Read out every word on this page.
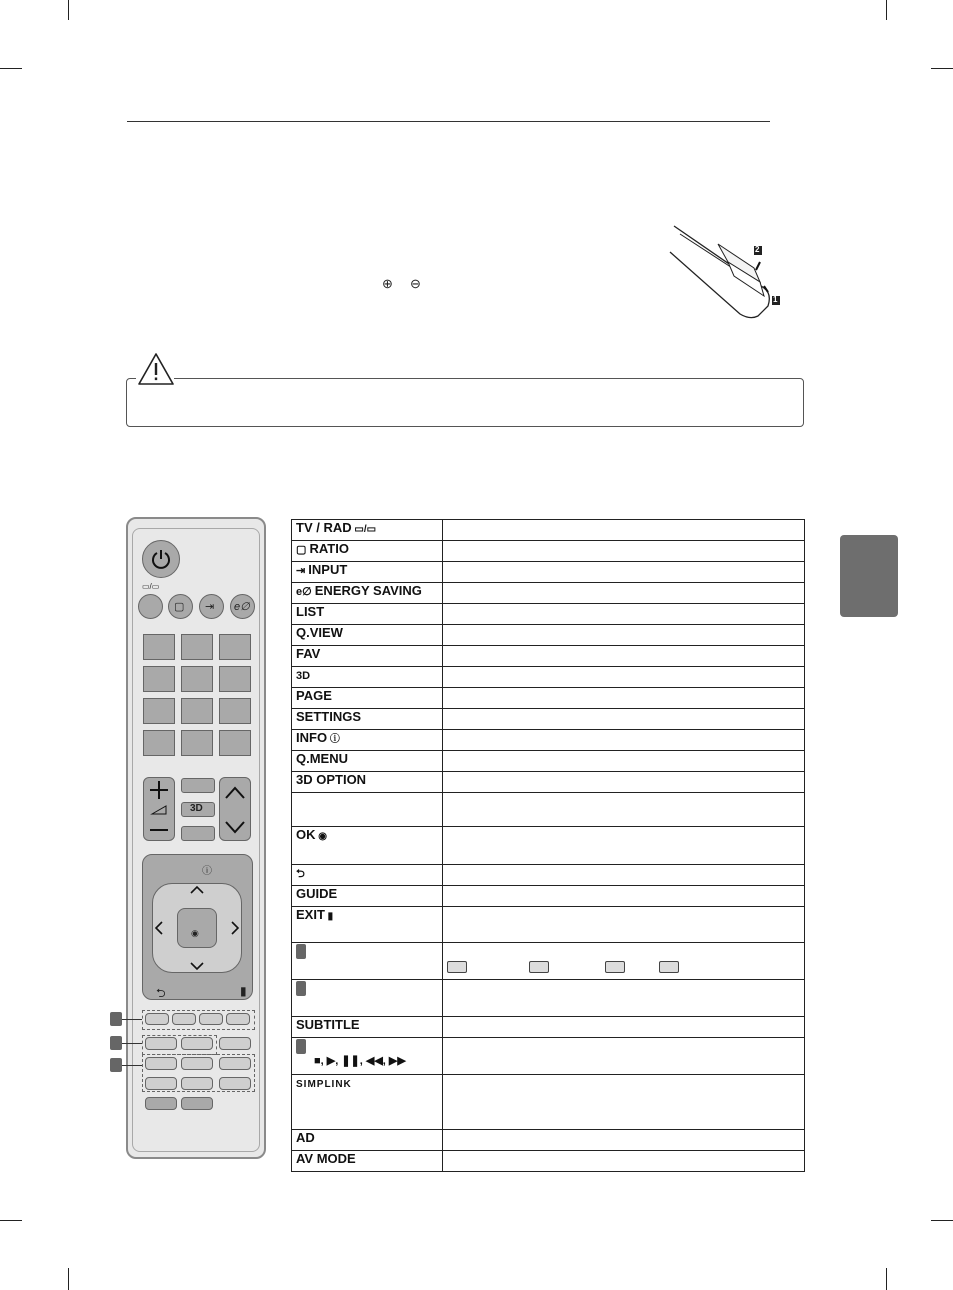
⊕ ⊖
2
1
▭/▭
▢ ⇥ e∅
3D
◉
ⓘ
⮌	▮
TV / RAD ▭/▭	
▢ RATIO	
⇥ INPUT	
e∅ ENERGY SAVING	
LIST	
Q.VIEW	
FAV	
3D	
PAGE	
SETTINGS	
INFO ⓘ	
Q.MENU	
3D OPTION	

OK ◉	
⮌	
GUIDE	
EXIT ▮	

SUBTITLE	

■, ▶, ❚❚, ◀◀, ▶▶	

SIMPLINK	
AD	
AV MODE	
